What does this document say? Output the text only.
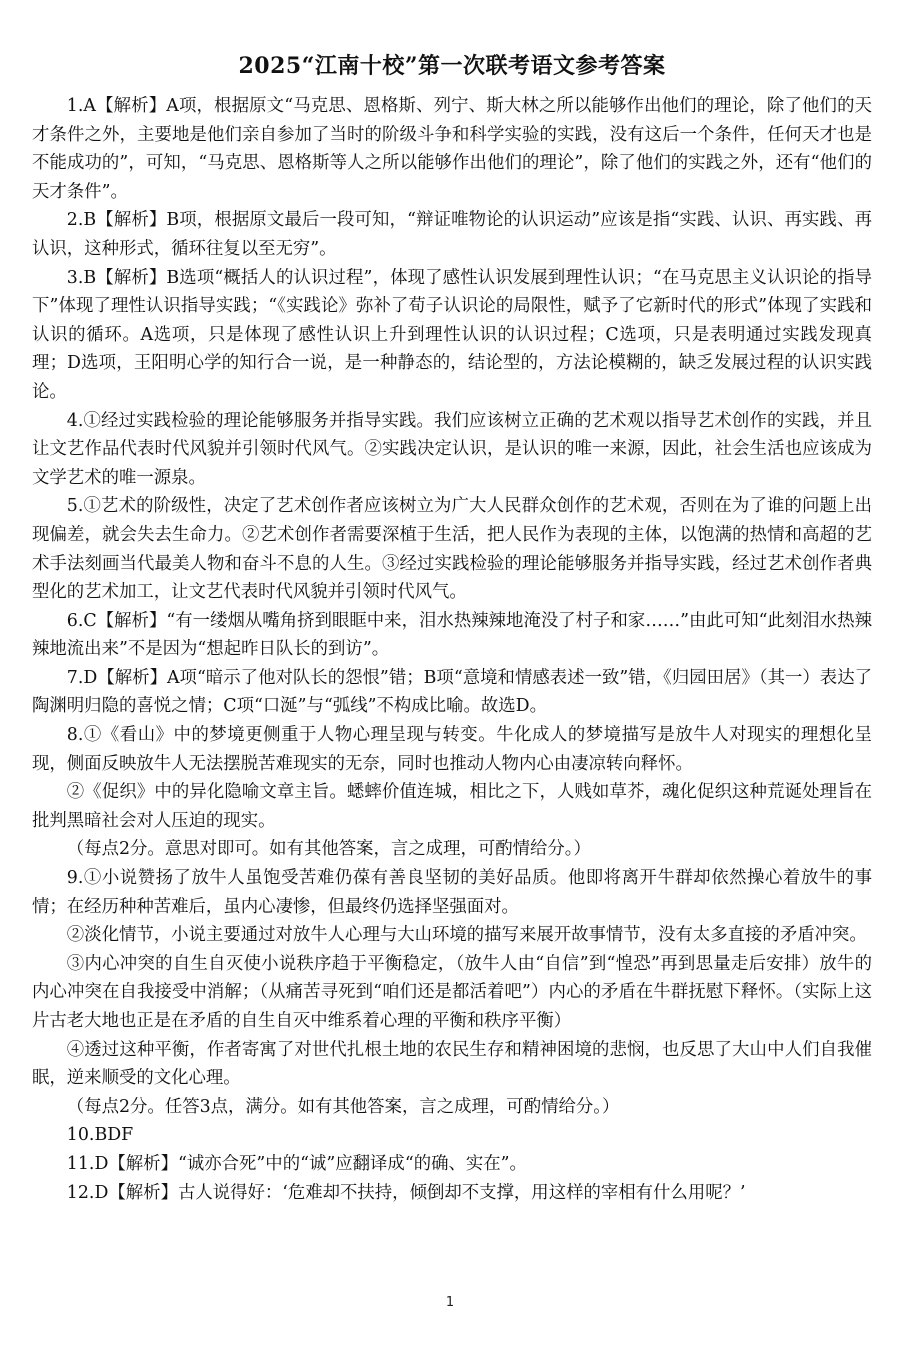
2025“江南十校”第一次联考语文参考答案

1.A【解析】A项，根据原文“马克思、恩格斯、列宁、斯大林之所以能够作出他们的理论，除了他们的天才条件之外，主要地是他们亲自参加了当时的阶级斗争和科学实验的实践，没有这后一个条件，任何天才也是不能成功的”，可知，“马克思、恩格斯等人之所以能够作出他们的理论”，除了他们的实践之外，还有“他们的天才条件”。

2.B【解析】B项，根据原文最后一段可知，“辩证唯物论的认识运动”应该是指“实践、认识、再实践、再认识，这种形式，循环往复以至无穷”。

3.B【解析】B选项“概括人的认识过程”，体现了感性认识发展到理性认识；“在马克思主义认识论的指导下”体现了理性认识指导实践；“《实践论》弥补了荀子认识论的局限性，赋予了它新时代的形式”体现了实践和认识的循环。A选项，只是体现了感性认识上升到理性认识的认识过程；C选项，只是表明通过实践发现真理；D选项，王阳明心学的知行合一说，是一种静态的，结论型的，方法论模糊的，缺乏发展过程的认识实践论。

4.①经过实践检验的理论能够服务并指导实践。我们应该树立正确的艺术观以指导艺术创作的实践，并且让文艺作品代表时代风貌并引领时代风气。②实践决定认识，是认识的唯一来源，因此，社会生活也应该成为文学艺术的唯一源泉。

5.①艺术的阶级性，决定了艺术创作者应该树立为广大人民群众创作的艺术观，否则在为了谁的问题上出现偏差，就会失去生命力。②艺术创作者需要深植于生活，把人民作为表现的主体，以饱满的热情和高超的艺术手法刻画当代最美人物和奋斗不息的人生。③经过实践检验的理论能够服务并指导实践，经过艺术创作者典型化的艺术加工，让文艺代表时代风貌并引领时代风气。

6.C【解析】“有一缕烟从嘴角挤到眼眶中来，泪水热辣辣地淹没了村子和家……”由此可知“此刻泪水热辣辣地流出来”不是因为“想起昨日队长的到访”。

7.D【解析】A项“暗示了他对队长的怨恨”错；B项“意境和情感表述一致”错，《归园田居》（其一）表达了陶渊明归隐的喜悦之情；C项“口涎”与“弧线”不构成比喻。故选D。

8.①《看山》中的梦境更侧重于人物心理呈现与转变。牛化成人的梦境描写是放牛人对现实的理想化呈现，侧面反映放牛人无法摆脱苦难现实的无奈，同时也推动人物内心由凄凉转向释怀。

②《促织》中的异化隐喻文章主旨。蟋蟀价值连城，相比之下，人贱如草芥，魂化促织这种荒诞处理旨在批判黑暗社会对人压迫的现实。

（每点2分。意思对即可。如有其他答案，言之成理，可酌情给分。）

9.①小说赞扬了放牛人虽饱受苦难仍葆有善良坚韧的美好品质。他即将离开牛群却依然操心着放牛的事情；在经历种种苦难后，虽内心凄惨，但最终仍选择坚强面对。

②淡化情节，小说主要通过对放牛人心理与大山环境的描写来展开故事情节，没有太多直接的矛盾冲突。

③内心冲突的自生自灭使小说秩序趋于平衡稳定，（放牛人由“自信”到“惶恐”再到思量走后安排）放牛的内心冲突在自我接受中消解；（从痛苦寻死到“咱们还是都活着吧”）内心的矛盾在牛群抚慰下释怀。（实际上这片古老大地也正是在矛盾的自生自灭中维系着心理的平衡和秩序平衡）

④透过这种平衡，作者寄寓了对世代扎根土地的农民生存和精神困境的悲悯，也反思了大山中人们自我催眠，逆来顺受的文化心理。

（每点2分。任答3点，满分。如有其他答案，言之成理，可酌情给分。）

10.BDF

11.D【解析】“诚亦合死”中的“诚”应翻译成“的确、实在”。

12.D【解析】古人说得好：‘危难却不扶持，倾倒却不支撑，用这样的宰相有什么用呢？’

1
